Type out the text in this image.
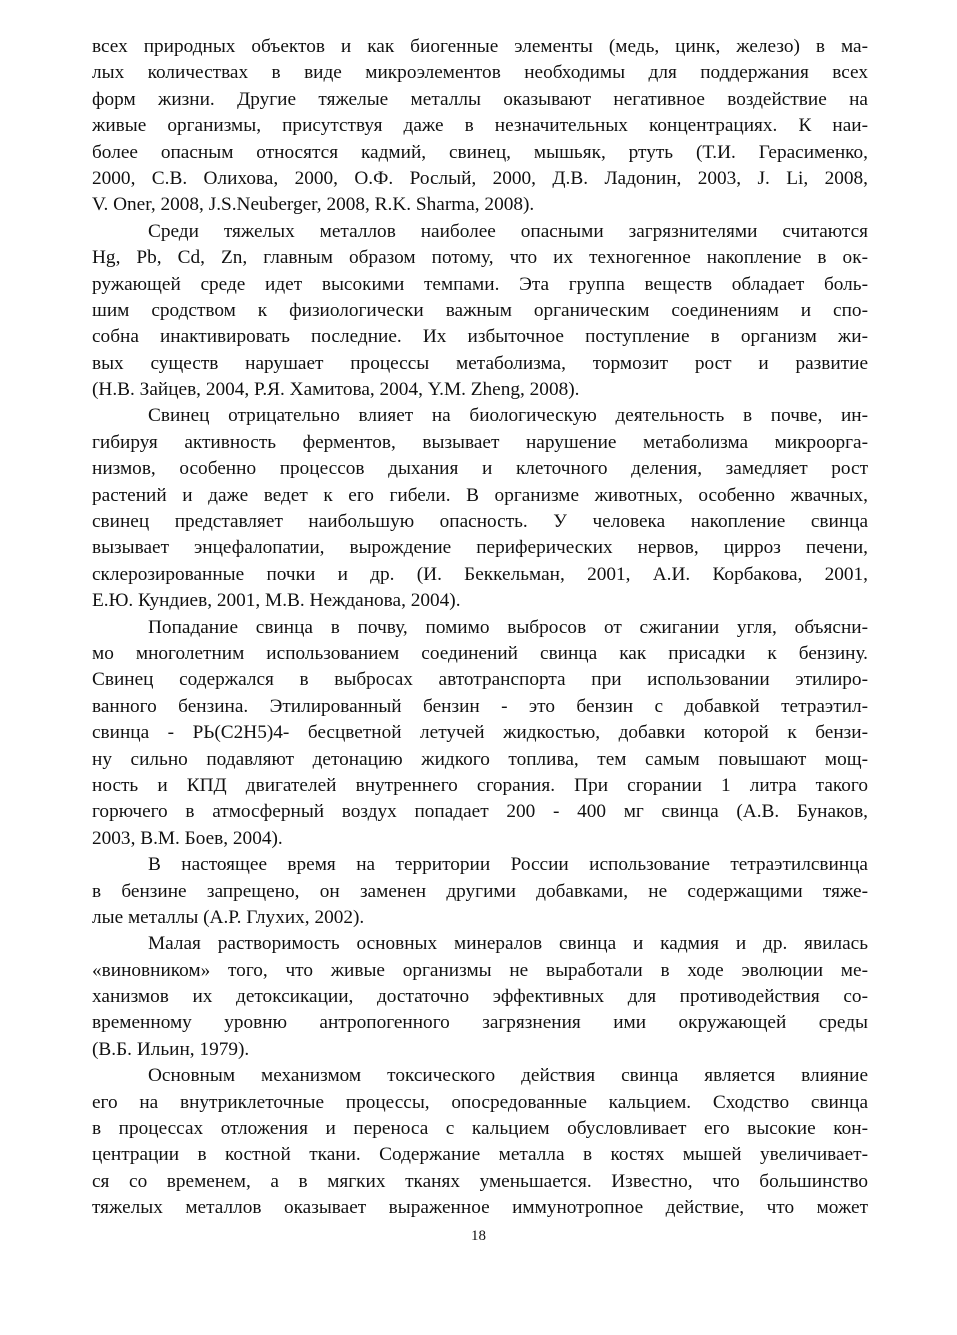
всех природных объектов и как биогенные элементы (медь, цинк, железо) в ма-
лых количествах в виде микроэлементов необходимы для поддержания всех
форм жизни. Другие тяжелые металлы оказывают негативное воздействие на
живые организмы, присутствуя даже в незначительных концентрациях. К наи-
более опасным относятся кадмий, свинец, мышьяк, ртуть (Т.И. Герасименко,
2000, С.В. Олихова, 2000, О.Ф. Рослый, 2000, Д.В. Ладонин, 2003, J. Li, 2008,
V. Oner, 2008, J.S.Neuberger, 2008, R.K. Sharma, 2008).
Среди тяжелых металлов наиболее опасными загрязнителями считаются
Hg, Pb, Cd, Zn, главным образом потому, что их техногенное накопление в ок-
ружающей среде идет высокими темпами. Эта группа веществ обладает боль-
шим сродством к физиологически важным органическим соединениям и спо-
собна инактивировать последние. Их избыточное поступление в организм жи-
вых существ нарушает процессы метаболизма, тормозит рост и развитие
(Н.В. Зайцев, 2004, Р.Я. Хамитова, 2004, Y.M. Zheng, 2008).
Свинец отрицательно влияет на биологическую деятельность в почве, ин-
гибируя активность ферментов, вызывает нарушение метаболизма микроорга-
низмов, особенно процессов дыхания и клеточного деления, замедляет рост
растений и даже ведет к его гибели. В организме животных, особенно жвачных,
свинец представляет наибольшую опасность. У человека накопление свинца
вызывает энцефалопатии, вырождение периферических нервов, цирроз печени,
склерозированные почки и др. (И. Беккельман, 2001, А.И. Корбакова, 2001,
Е.Ю. Кундиев, 2001, М.В. Нежданова, 2004).
Попадание свинца в почву, помимо выбросов от сжигании угля, объясни-
мо многолетним использованием соединений свинца как присадки к бензину.
Свинец содержался в выбросах автотранспорта при использовании этилиро-
ванного бензина. Этилированный бензин - это бензин с добавкой тетраэтил-
свинца - PЬ(C2H5)4- бесцветной летучей жидкостью, добавки которой к бензи-
ну сильно подавляют детонацию жидкого топлива, тем самым повышают мощ-
ность и КПД двигателей внутреннего сгорания. При сгорании 1 литра такого
горючего в атмосферный воздух попадает 200 - 400 мг свинца (А.В. Бунаков,
2003, В.М. Боев, 2004).
В настоящее время на территории России использование тетраэтилсвинца
в бензине запрещено, он заменен другими добавками, не содержащими тяже-
лые металлы (А.Р. Глухих, 2002).
Малая растворимость основных минералов свинца и кадмия и др. явилась
«виновником» того, что живые организмы не выработали в ходе эволюции ме-
ханизмов их детоксикации, достаточно эффективных для противодействия со-
временному уровню антропогенного загрязнения ими окружающей среды
(В.Б. Ильин, 1979).
Основным механизмом токсического действия свинца является влияние
его на внутриклеточные процессы, опосредованные кальцием. Сходство свинца
в процессах отложения и переноса с кальцием обусловливает его высокие кон-
центрации в костной ткани. Содержание металла в костях мышей увеличивает-
ся со временем, а в мягких тканях уменьшается. Известно, что большинство
тяжелых металлов оказывает выраженное иммунотропное действие, что может
18
